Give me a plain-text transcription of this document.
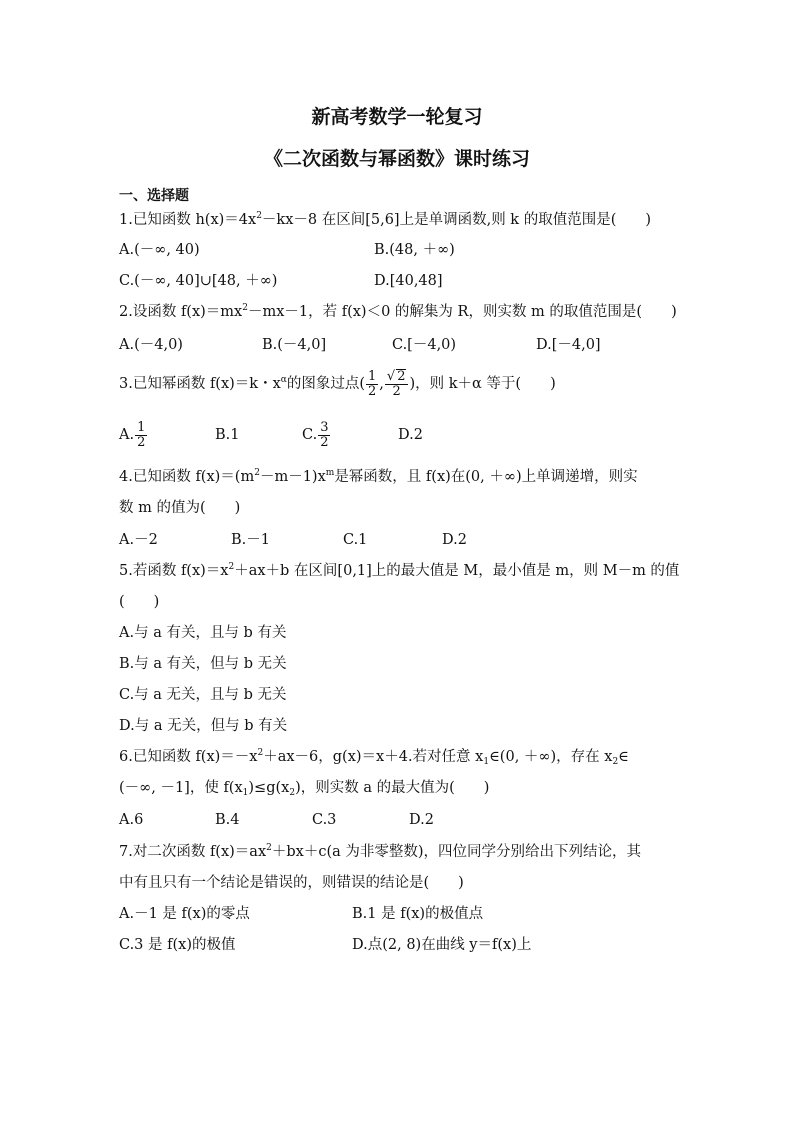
新高考数学一轮复习
《二次函数与幂函数》课时练习
一、选择题
1.已知函数 $h(x)=4x^2-kx-8$ 在区间[5,6]上是单调函数,则 k 的取值范围是(　　)
A.(－∞, 40)	B.(48, ＋∞)
C.(－∞, 40]∪[48, ＋∞)	D.[40,48]
2.设函数 $f(x)=mx^2-mx-1$，若 f(x)＜0 的解集为 R，则实数 m 的取值范围是(　　)
A.(－4,0)	B.(－4,0]	C.[－4,0)	D.[－4,0]
3.已知幂函数 f(x)＝k・$x^\alpha$的图象过点( $\frac{1}{2}$ , $\frac{√ 2}{2}$ )，则 k＋α 等于(　　)
A. $\frac{1}{2}$	B.1	C. $\frac{3}{2}$	D.2
4.已知函数 $f(x)=(m^2-m-1)x^m$是幂函数，且 f(x)在(0, ＋∞)上单调递增，则实
数 m 的值为(　　)
A.－2	B.－1	C.1	D.2
5.若函数 $f(x)=x^2+ax+b$ 在区间[0,1]上的最大值是 M，最小值是 m，则 M－m 的值
(　　)
A.与 a 有关，且与 b 有关
B.与 a 有关，但与 b 无关
C.与 a 无关，且与 b 无关
D.与 a 无关，但与 b 有关
6.已知函数 $f(x)=-x^2+ax-6$，g(x)＝x＋4.若对任意 $x_1\in(0$, ＋∞)，存在 $x_2\in$
(－∞, －1]，使 $f(x_1)\le g(x_2)$，则实数 a 的最大值为(　　)
A.6	B.4	C.3	D.2
7.对二次函数 $f(x)=ax^2+bx+c(a$ 为非零整数)，四位同学分别给出下列结论，其
中有且只有一个结论是错误的，则错误的结论是(　　)
A.－1 是 f(x)的零点	B.1 是 f(x)的极值点
C.3 是 f(x)的极值	D.点(2, 8)在曲线 y＝f(x)上
